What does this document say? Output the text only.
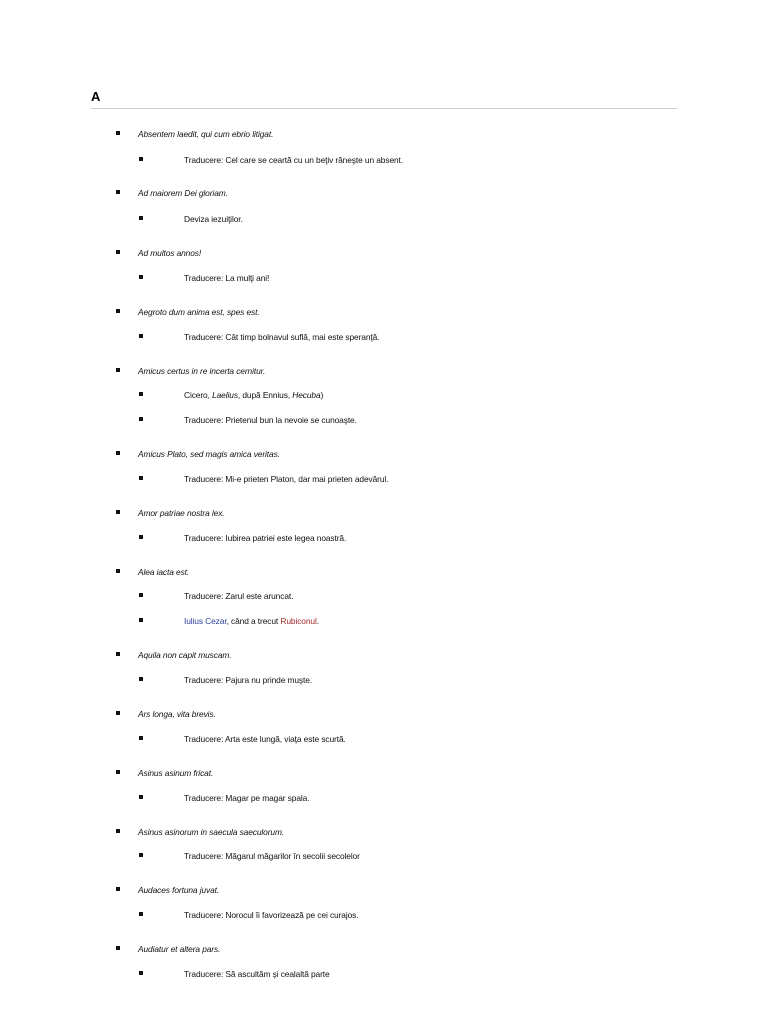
A
Absentem laedit, qui cum ebrio litigat.
Traducere: Cel care se ceartă cu un beţiv răneşte un absent.
Ad maiorem Dei gloriam.
Deviza iezuiţilor.
Ad multos annos!
Traducere: La mulţi ani!
Aegroto dum anima est, spes est.
Traducere: Cât timp bolnavul suflă, mai este speranţă.
Amicus certus in re incerta cernitur.
Cicero, Laelius, după Ennius, Hecuba)
Traducere: Prietenul bun la nevoie se cunoaşte.
Amicus Plato, sed magis amica veritas.
Traducere: Mi-e prieten Platon, dar mai prieten adevărul.
Amor patriae nostra lex.
Traducere: Iubirea patriei este legea noastră.
Alea iacta est.
Traducere: Zarul este aruncat.
Iulius Cezar, când a trecut Rubiconul.
Aquila non capit muscam.
Traducere: Pajura nu prinde muşte.
Ars longa, vita brevis.
Traducere: Arta este lungă, viaţa este scurtă.
Asinus asinum fricat.
Traducere: Magar pe magar spala.
Asinus asinorum in saecula saeculorum.
Traducere: Măgarul măgarilor în secolii secolelor
Audaces fortuna juvat.
Traducere: Norocul îi favorizează pe cei curajos.
Audiatur et altera pars.
Traducere: Să ascultăm şi cealaltă parte
